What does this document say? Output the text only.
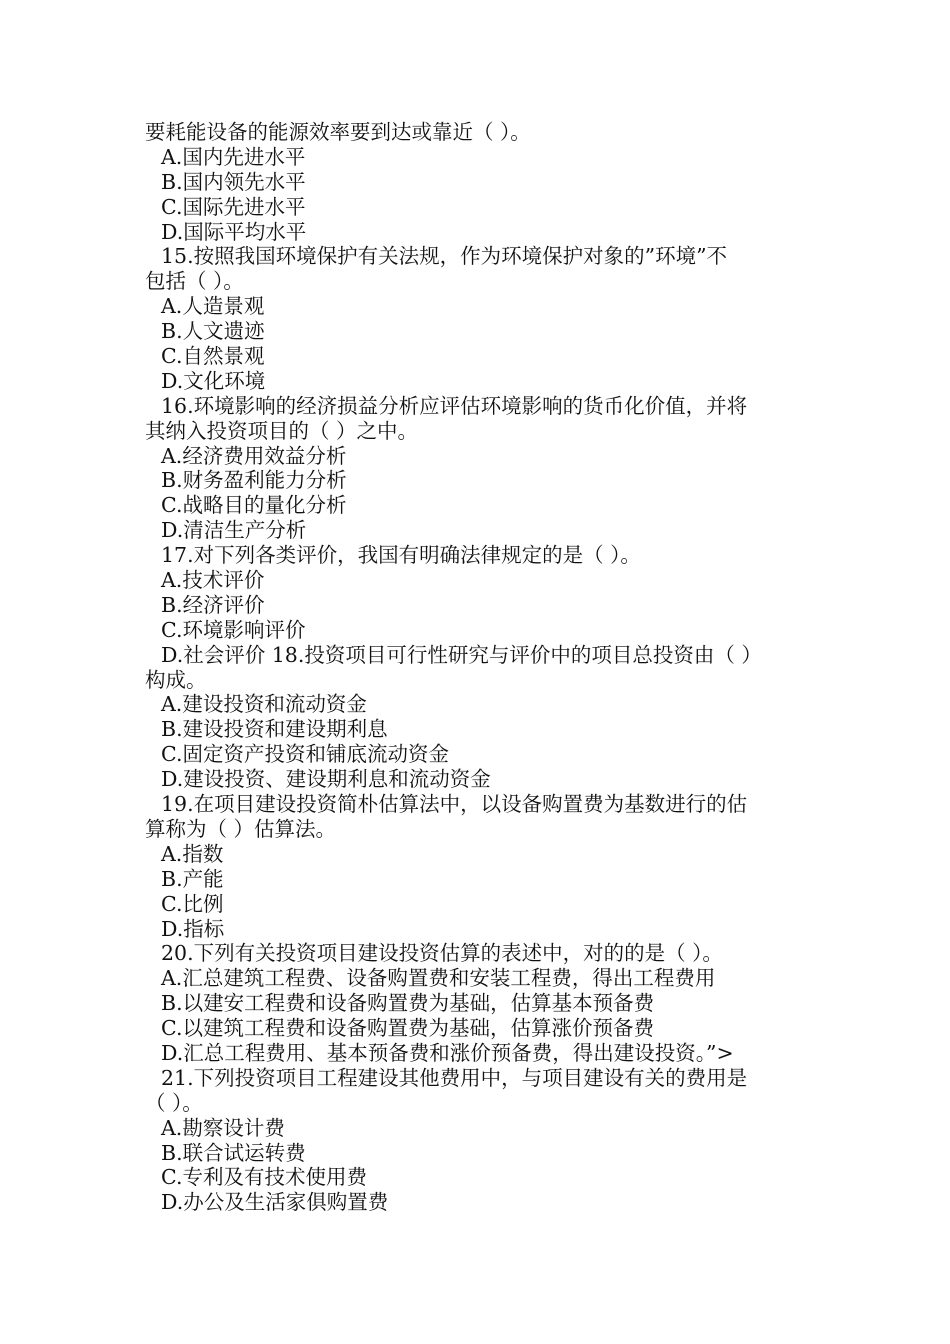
要耗能设备的能源效率要到达或靠近（ ）。
A.国内先进水平
B.国内领先水平
C.国际先进水平
D.国际平均水平
15.按照我国环境保护有关法规，作为环境保护对象的”环境”不
包括（ ）。
A.人造景观
B.人文遗迹
C.自然景观
D.文化环境
16.环境影响的经济损益分析应评估环境影响的货币化价值，并将
其纳入投资项目的（ ）之中。
A.经济费用效益分析
B.财务盈利能力分析
C.战略目的量化分析
D.清洁生产分析
17.对下列各类评价，我国有明确法律规定的是（ ）。
A.技术评价
B.经济评价
C.环境影响评价
D.社会评价 18.投资项目可行性研究与评价中的项目总投资由（ ）
构成。
A.建设投资和流动资金
B.建设投资和建设期利息
C.固定资产投资和铺底流动资金
D.建设投资、建设期利息和流动资金
19.在项目建设投资简朴估算法中，以设备购置费为基数进行的估
算称为（ ）估算法。
A.指数
B.产能
C.比例
D.指标
20.下列有关投资项目建设投资估算的表述中，对的的是（ ）。
A.汇总建筑工程费、设备购置费和安装工程费，得出工程费用
B.以建安工程费和设备购置费为基础，估算基本预备费
C.以建筑工程费和设备购置费为基础，估算涨价预备费
D.汇总工程费用、基本预备费和涨价预备费，得出建设投资。”>
21.下列投资项目工程建设其他费用中，与项目建设有关的费用是
（ ）。
A.勘察设计费
B.联合试运转费
C.专利及有技术使用费
D.办公及生活家俱购置费
